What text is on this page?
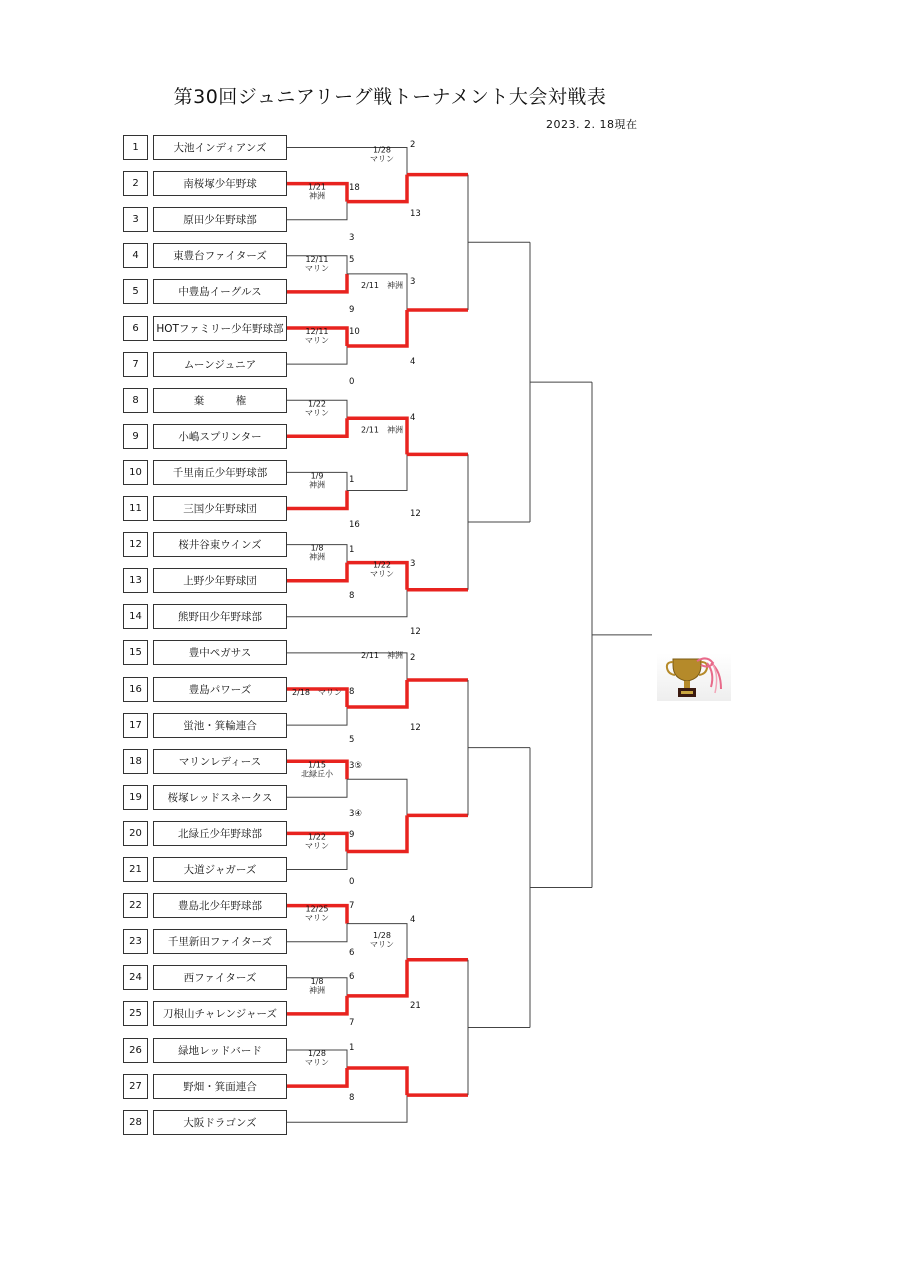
第30回ジュニアリーグ戦トーナメント大会対戦表
2023. 2. 18現在
1	大池インディアンズ
2	南桜塚少年野球
3	原田少年野球部
4	東豊台ファイターズ
5	中豊島イーグルス
6	HOTファミリー少年野球部
7	ムーンジュニア
8	棄　　　権
9	小嶋スプリンター
10	千里南丘少年野球部
11	三国少年野球団
12	桜井谷東ウインズ
13	上野少年野球団
14	熊野田少年野球部
15	豊中ペガサス
16	豊島パワーズ
17	蛍池・箕輪連合
18	マリンレディース
19	桜塚レッドスネークス
20	北緑丘少年野球部
21	大道ジャガーズ
22	豊島北少年野球部
23	千里新田ファイターズ
24	西ファイターズ
25	刀根山チャレンジャーズ
26	緑地レッドバード
27	野畑・箕面連合
28	大阪ドラゴンズ
1/21
神洲
12/11
マリン
12/11
マリン
1/22
マリン
1/9
神洲
1/8
神洲
2/18　マリン
1/15
北緑丘小
1/22
マリン
12/25
マリン
1/8
神洲
1/28
マリン
1/28
マリン
2/11　神洲
2/11　神洲
1/22
マリン
2/11　神洲
1/28
マリン
2
18
13
3
5
3
9
10
4
0
4
1
12
16
1
3
8
12
2
8
12
5
3⑤
3④
9
0
7
4
6
6
21
7
1
8
